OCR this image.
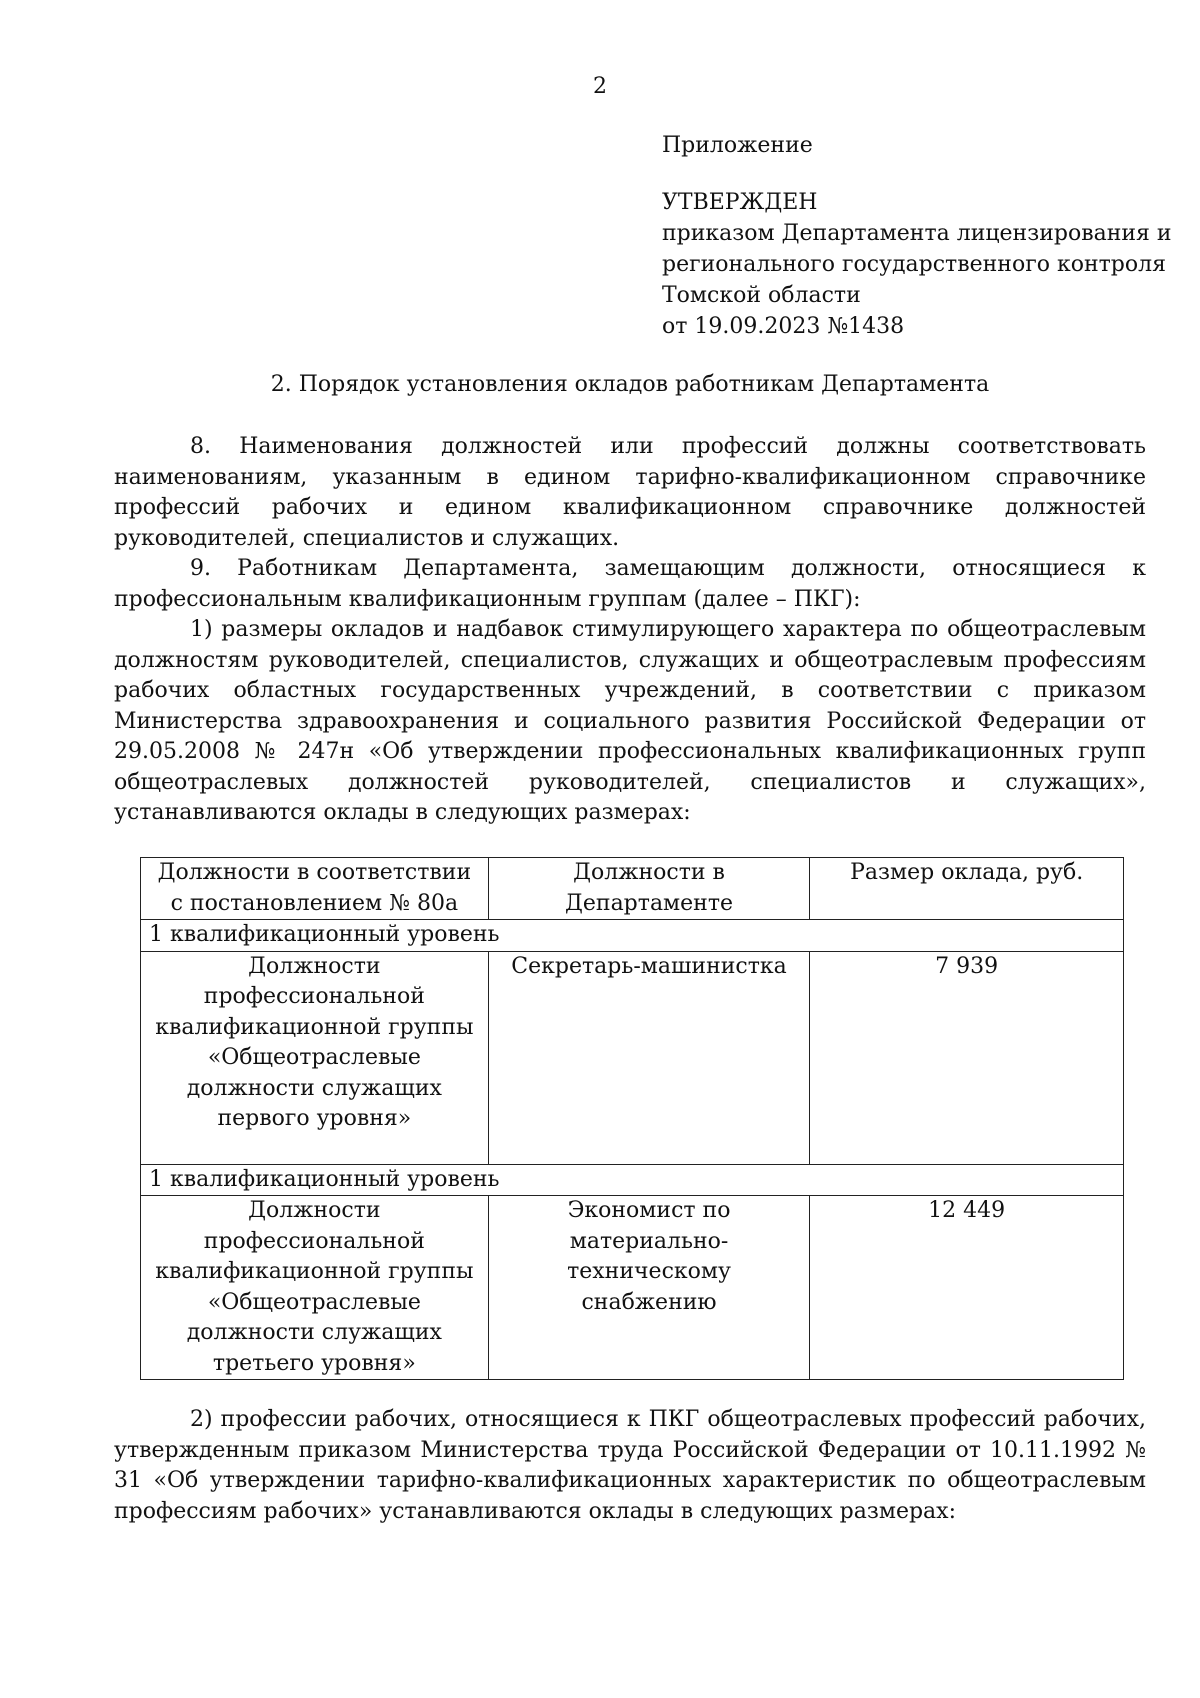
2
Приложение
УТВЕРЖДЕН
приказом Департамента лицензирования и
регионального государственного контроля
Томской области
от 19.09.2023 №1438
2. Порядок установления окладов работникам Департамента

8. Наименования должностей или профессий должны соответствовать наименованиям, указанным в едином тарифно-квалификационном справочнике профессий рабочих и едином квалификационном справочнике должностей руководителей, специалистов и служащих.

9. Работникам Департамента, замещающим должности, относящиеся к профессиональным квалификационным группам (далее – ПКГ):

1) размеры окладов и надбавок стимулирующего характера по общеотраслевым должностям руководителей, специалистов, служащих и общеотраслевым профессиям рабочих областных государственных учреждений, в соответствии с приказом Министерства здравоохранения и социального развития Российской Федерации от 29.05.2008 № 247н «Об утверждении профессиональных квалификационных групп общеотраслевых должностей руководителей, специалистов и служащих», устанавливаются оклады в следующих размерах:

Должности в соответствии с постановлением № 80а	Должности в Департаменте	Размер оклада, руб.
1 квалификационный уровень		
Должности профессиональной квалификационной группы «Общеотраслевые должности служащих первого уровня»	Секретарь-машинистка	7 939
1 квалификационный уровень		
Должности профессиональной квалификационной группы «Общеотраслевые должности служащих третьего уровня»	Экономист по материально-техническому снабжению	12 449

2) профессии рабочих, относящиеся к ПКГ общеотраслевых профессий рабочих, утвержденным приказом Министерства труда Российской Федерации от 10.11.1992 № 31 «Об утверждении тарифно-квалификационных характеристик по общеотраслевым профессиям рабочих» устанавливаются оклады в следующих размерах:
